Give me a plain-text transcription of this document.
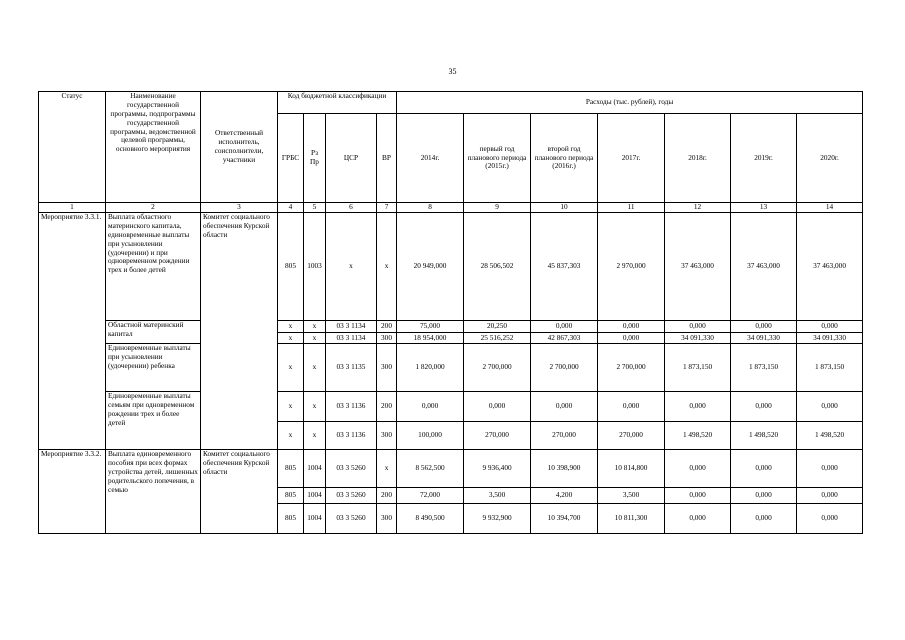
35
Статус	Наименование государственной программы, подпрограммы государственной программы, ведомственной целевой программы, основного мероприятия	Ответственный исполнитель, соисполнители, участники	Код бюджетной классификации				Расходы (тыс. рублей), годы						
			ГРБС	Рз Пр	ЦСР	ВР	2014г.	первый год планового периода (2015г.)	второй год планового периода (2016г.)	2017г.	2018г.	2019г.	2020г.
1	2	3	4	5	6	7	8	9	10	11	12	13	14
Мероприятие 3.3.1.	Выплата областного материнского капитала, единовременные выплаты при усыновлении (удочерении) и при одновременном рождении трех и более детей	Комитет социального обеспечения Курской области	805	1003	x	x	20 949,000	28 506,502	45 837,303	2 970,000	37 463,000	37 463,000	37 463,000
	Областной материнский капитал		x	x	03 3 1134	200	75,000	20,250	0,000	0,000	0,000	0,000	0,000
			x	x	03 3 1134	300	18 954,000	25 516,252	42 867,303	0,000	34 091,330	34 091,330	34 091,330
	Единовременные выплаты при усыновлении (удочерении) ребенка		x	x	03 3 1135	300	1 820,000	2 700,000	2 700,000	2 700,000	1 873,150	1 873,150	1 873,150
	Единовременные выплаты семьям при одновременном рождении трех и более детей		x	x	03 3 1136	200	0,000	0,000	0,000	0,000	0,000	0,000	0,000
			x	x	03 3 1136	300	100,000	270,000	270,000	270,000	1 498,520	1 498,520	1 498,520
Мероприятие 3.3.2.	Выплата единовременного пособия при всех формах устройства детей, лишенных родительского попечения, в семью	Комитет социального обеспечения Курской области	805	1004	03 3 5260	x	8 562,500	9 936,400	10 398,900	10 814,800	0,000	0,000	0,000
			805	1004	03 3 5260	200	72,000	3,500	4,200	3,500	0,000	0,000	0,000
			805	1004	03 3 5260	300	8 490,500	9 932,900	10 394,700	10 811,300	0,000	0,000	0,000
